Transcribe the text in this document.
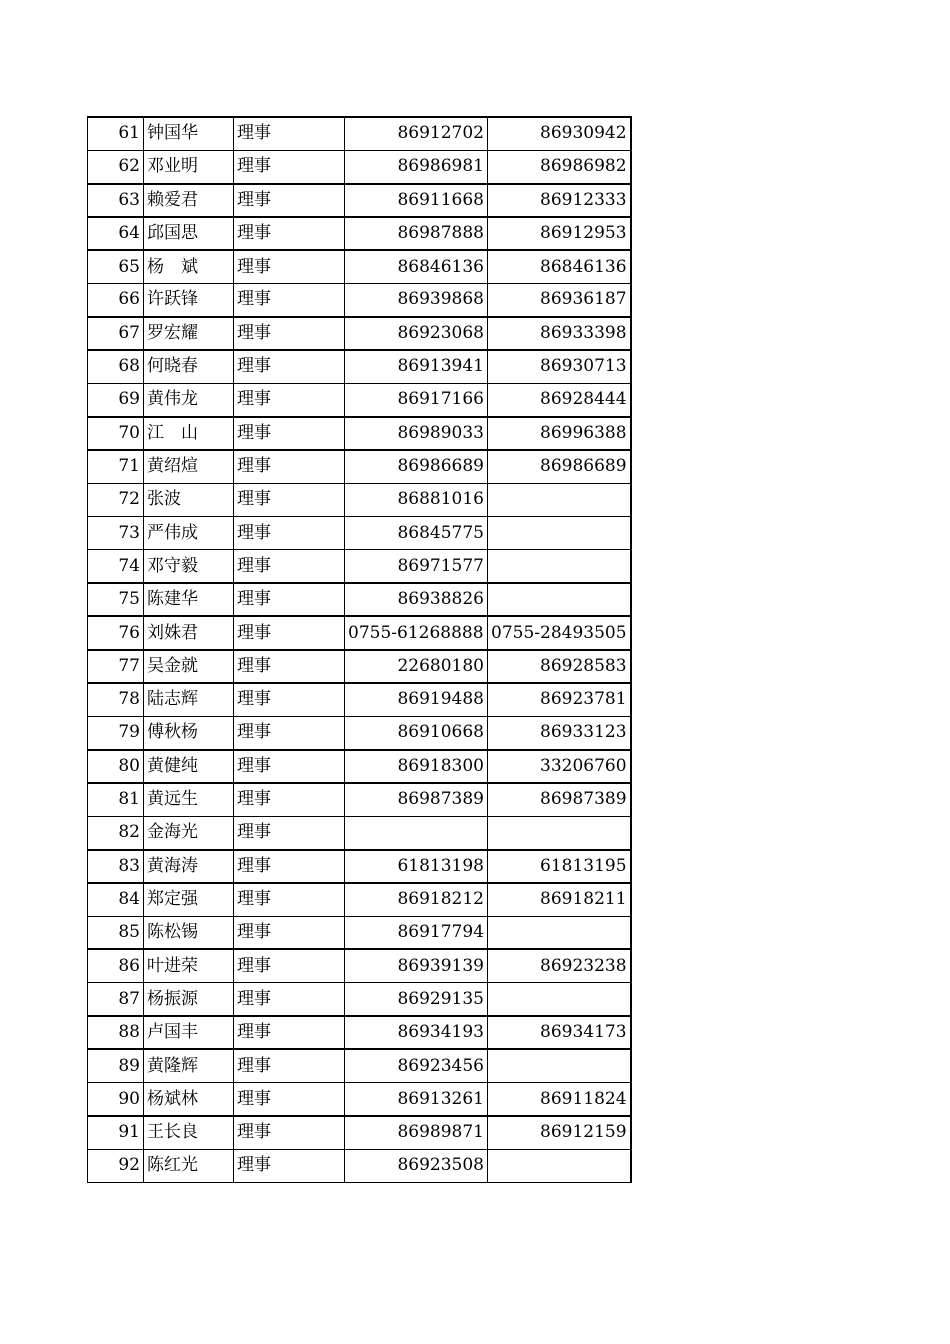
61	钟国华	理事	86912702	86930942
62	邓业明	理事	86986981	86986982
63	赖爱君	理事	86911668	86912333
64	邱国思	理事	86987888	86912953
65	杨　斌	理事	86846136	86846136
66	许跃锋	理事	86939868	86936187
67	罗宏耀	理事	86923068	86933398
68	何晓春	理事	86913941	86930713
69	黄伟龙	理事	86917166	86928444
70	江　山	理事	86989033	86996388
71	黄绍煊	理事	86986689	86986689
72	张波	理事	86881016	
73	严伟成	理事	86845775	
74	邓守毅	理事	86971577	
75	陈建华	理事	86938826	
76	刘姝君	理事	0755-61268888	0755-28493505
77	吴金就	理事	22680180	86928583
78	陆志辉	理事	86919488	86923781
79	傅秋杨	理事	86910668	86933123
80	黄健纯	理事	86918300	33206760
81	黄远生	理事	86987389	86987389
82	金海光	理事		
83	黄海涛	理事	61813198	61813195
84	郑定强	理事	86918212	86918211
85	陈松锡	理事	86917794	
86	叶进荣	理事	86939139	86923238
87	杨振源	理事	86929135	
88	卢国丰	理事	86934193	86934173
89	黄隆辉	理事	86923456	
90	杨斌林	理事	86913261	86911824
91	王长良	理事	86989871	86912159
92	陈红光	理事	86923508	
